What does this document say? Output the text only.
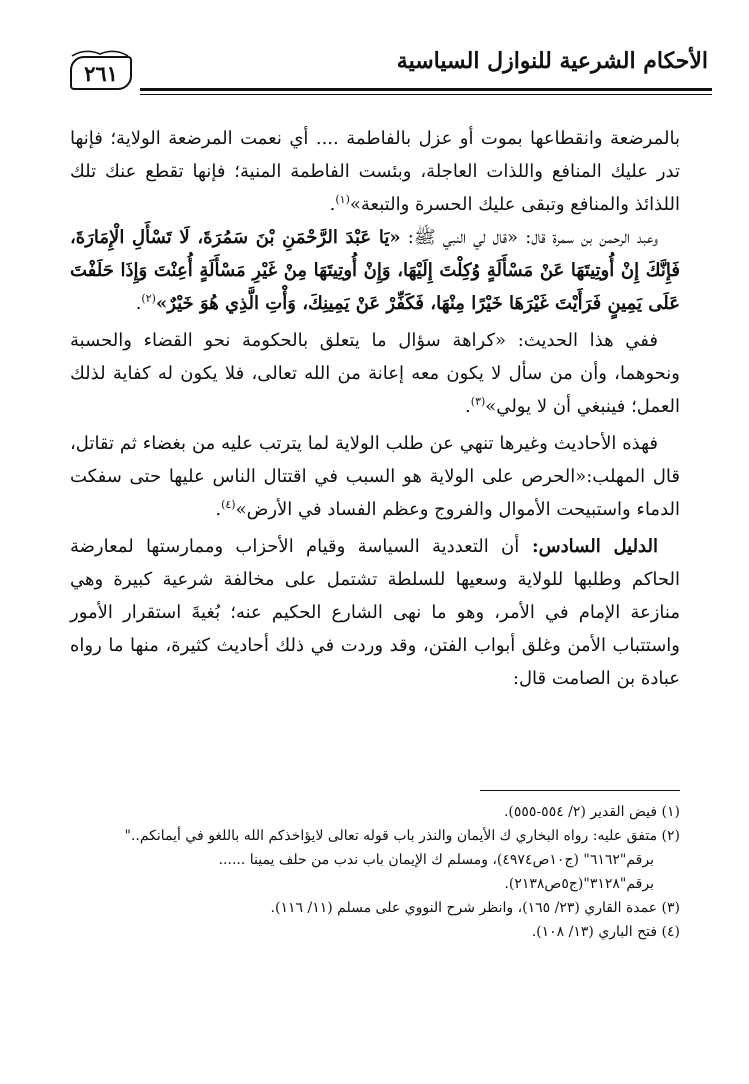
٢٦١	الأحكام الشرعية للنوازل السياسية

بالمرضعة وانقطاعها بموت أو عزل بالفاطمة .... أي نعمت المرضعة الولاية؛ فإنها تدر عليك المنافع واللذات العاجلة، وبئست الفاطمة المنية؛ فإنها تقطع عنك تلك اللذائذ والمنافع وتبقى عليك الحسرة والتبعة»$^{(١)}$.

وعبد الرحمن بن سمرة قال: «قال لي النبي ﷺ: «يَا عَبْدَ الرَّحْمَنِ بْنَ سَمُرَةَ، لَا تَسْأَلِ الْإِمَارَةَ، فَإِنَّكَ إِنْ أُوتِيتَهَا عَنْ مَسْأَلَةٍ وُكِلْتَ إِلَيْهَا، وَإِنْ أُوتِيتَهَا مِنْ غَيْرِ مَسْأَلَةٍ أُعِنْتَ وَإِذَا حَلَفْتَ عَلَى يَمِينٍ فَرَأَيْتَ غَيْرَهَا خَيْرًا مِنْهَا، فَكَفِّرْ عَنْ يَمِينِكَ، وَأْتِ الَّذِي هُوَ خَيْرٌ»$^{(٢)}$.

ففي هذا الحديث: «كراهة سؤال ما يتعلق بالحكومة نحو القضاء والحسبة ونحوهما، وأن من سأل لا يكون معه إعانة من الله تعالى، فلا يكون له كفاية لذلك العمل؛ فينبغي أن لا يولي»$^{(٣)}$.

فهذه الأحاديث وغيرها تنهي عن طلب الولاية لما يترتب عليه من بغضاء ثم تقاتل، قال المهلب:«الحرص على الولاية هو السبب في اقتتال الناس عليها حتى سفكت الدماء واستبيحت الأموال والفروج وعظم الفساد في الأرض»$^{(٤)}$.

الدليل السادس: أن التعددية السياسة وقيام الأحزاب وممارستها لمعارضة الحاكم وطلبها للولاية وسعيها للسلطة تشتمل على مخالفة شرعية كبيرة وهي منازعة الإمام في الأمر، وهو ما نهى الشارع الحكيم عنه؛ بُغيةَ استقرار الأمور واستتباب الأمن وغلق أبواب الفتن، وقد وردت في ذلك أحاديث كثيرة، منها ما رواه عبادة بن الصامت قال:

(١) فيض القدير (٢/ ٥٥٤-٥٥٥).

(٢) متفق عليه: رواه البخاري ك الأيمان والنذر باب قوله تعالى لايؤاخذكم الله باللغو في أيمانكم.."

برقم"٦١٦٢" (ج١٠ص٤٩٧٤)، ومسلم ك الإيمان باب ندب من حلف يمينا ......

برقم"٣١٢٨"(ج٥ص٢١٣٨).

(٣) عمدة القاري (٢٣/ ١٦٥)، وانظر شرح النووي على مسلم (١١/ ١١٦).

(٤) فتح الباري (١٣/ ١٠٨).
